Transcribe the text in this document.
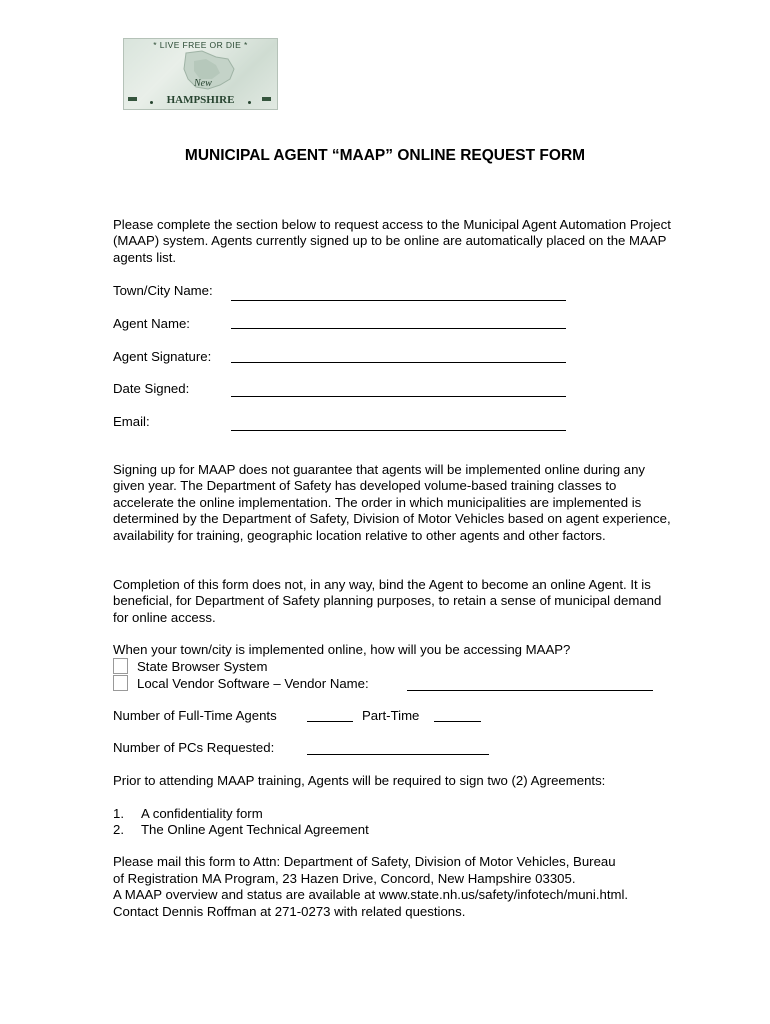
* LIVE FREE OR DIE *
New
HAMPSHIRE
MUNICIPAL AGENT “MAAP” ONLINE REQUEST FORM
Please complete the section below to request access to the Municipal Agent Automation Project (MAAP) system. Agents currently signed up to be online are automatically placed on the MAAP agents list.
Town/City Name:
Agent Name:
Agent Signature:
Date Signed:
Email:
Signing up for MAAP does not guarantee that agents will be implemented online during any given year. The Department of Safety has developed volume-based training classes to accelerate the online implementation. The order in which municipalities are implemented is determined by the Department of Safety, Division of Motor Vehicles based on agent experience, availability for training, geographic location relative to other agents and other factors.
Completion of this form does not, in any way, bind the Agent to become an online Agent. It is beneficial, for Department of Safety planning purposes, to retain a sense of municipal demand for online access.
When your town/city is implemented online, how will you be accessing MAAP?
State Browser System
Local Vendor Software – Vendor Name:
Number of Full-Time Agents	Part-Time
Number of PCs Requested:
Prior to attending MAAP training, Agents will be required to sign two (2) Agreements:
1. A confidentiality form
2. The Online Agent Technical Agreement
Please mail this form to Attn: Department of Safety, Division of Motor Vehicles, Bureau
of Registration MA Program, 23 Hazen Drive, Concord, New Hampshire 03305.
A MAAP overview and status are available at www.state.nh.us/safety/infotech/muni.html.
Contact Dennis Roffman at 271-0273 with related questions.
